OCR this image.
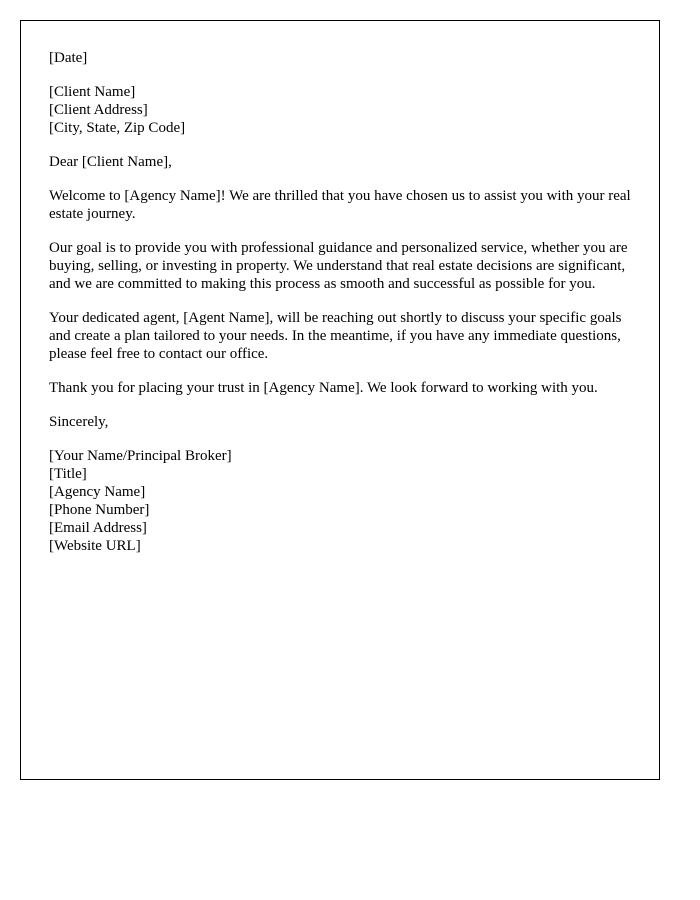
[Date]
[Client Name]
[Client Address]
[City, State, Zip Code]
Dear [Client Name],

Welcome to [Agency Name]! We are thrilled that you have chosen us to assist you with your real estate journey.

Our goal is to provide you with professional guidance and personalized service, whether you are buying, selling, or investing in property. We understand that real estate decisions are significant, and we are committed to making this process as smooth and successful as possible for you.

Your dedicated agent, [Agent Name], will be reaching out shortly to discuss your specific goals and create a plan tailored to your needs. In the meantime, if you have any immediate questions, please feel free to contact our office.

Thank you for placing your trust in [Agency Name]. We look forward to working with you.

Sincerely,
[Your Name/Principal Broker]
[Title]
[Agency Name]
[Phone Number]
[Email Address]
[Website URL]
